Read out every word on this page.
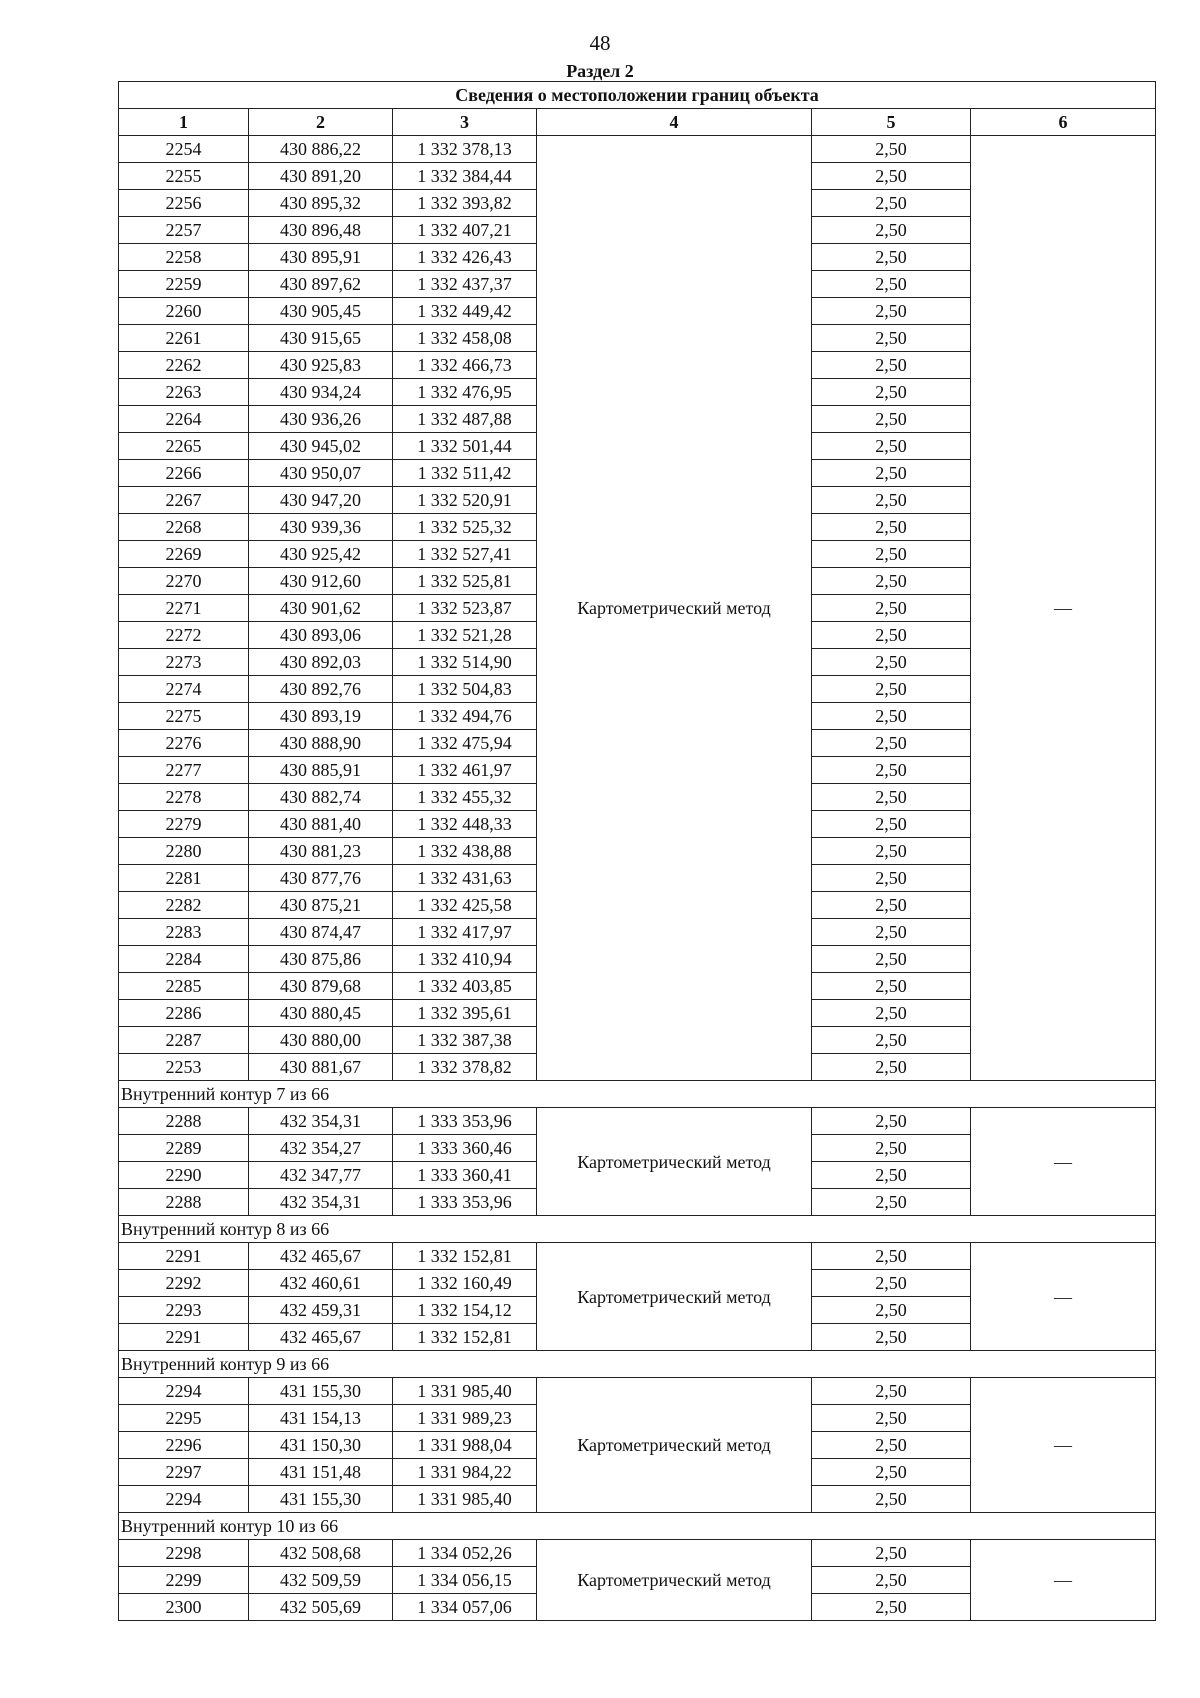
48
Раздел 2
Сведения о местоположении границ объекта					
1	2	3	4	5	6
2254	430 886,22	1 332 378,13	Картометрический метод	2,50	—
2255	430 891,20	1 332 384,44		2,50	
2256	430 895,32	1 332 393,82		2,50	
2257	430 896,48	1 332 407,21		2,50	
2258	430 895,91	1 332 426,43		2,50	
2259	430 897,62	1 332 437,37		2,50	
2260	430 905,45	1 332 449,42		2,50	
2261	430 915,65	1 332 458,08		2,50	
2262	430 925,83	1 332 466,73		2,50	
2263	430 934,24	1 332 476,95		2,50	
2264	430 936,26	1 332 487,88		2,50	
2265	430 945,02	1 332 501,44		2,50	
2266	430 950,07	1 332 511,42		2,50	
2267	430 947,20	1 332 520,91		2,50	
2268	430 939,36	1 332 525,32		2,50	
2269	430 925,42	1 332 527,41		2,50	
2270	430 912,60	1 332 525,81		2,50	
2271	430 901,62	1 332 523,87		2,50	
2272	430 893,06	1 332 521,28		2,50	
2273	430 892,03	1 332 514,90		2,50	
2274	430 892,76	1 332 504,83		2,50	
2275	430 893,19	1 332 494,76		2,50	
2276	430 888,90	1 332 475,94		2,50	
2277	430 885,91	1 332 461,97		2,50	
2278	430 882,74	1 332 455,32		2,50	
2279	430 881,40	1 332 448,33		2,50	
2280	430 881,23	1 332 438,88		2,50	
2281	430 877,76	1 332 431,63		2,50	
2282	430 875,21	1 332 425,58		2,50	
2283	430 874,47	1 332 417,97		2,50	
2284	430 875,86	1 332 410,94		2,50	
2285	430 879,68	1 332 403,85		2,50	
2286	430 880,45	1 332 395,61		2,50	
2287	430 880,00	1 332 387,38		2,50	
2253	430 881,67	1 332 378,82		2,50	
Внутренний контур 7 из 66					
2288	432 354,31	1 333 353,96	Картометрический метод	2,50	—
2289	432 354,27	1 333 360,46		2,50	
2290	432 347,77	1 333 360,41		2,50	
2288	432 354,31	1 333 353,96		2,50	
Внутренний контур 8 из 66					
2291	432 465,67	1 332 152,81	Картометрический метод	2,50	—
2292	432 460,61	1 332 160,49		2,50	
2293	432 459,31	1 332 154,12		2,50	
2291	432 465,67	1 332 152,81		2,50	
Внутренний контур 9 из 66					
2294	431 155,30	1 331 985,40	Картометрический метод	2,50	—
2295	431 154,13	1 331 989,23		2,50	
2296	431 150,30	1 331 988,04		2,50	
2297	431 151,48	1 331 984,22		2,50	
2294	431 155,30	1 331 985,40		2,50	
Внутренний контур 10 из 66					
2298	432 508,68	1 334 052,26	Картометрический метод	2,50	—
2299	432 509,59	1 334 056,15		2,50	
2300	432 505,69	1 334 057,06		2,50	
